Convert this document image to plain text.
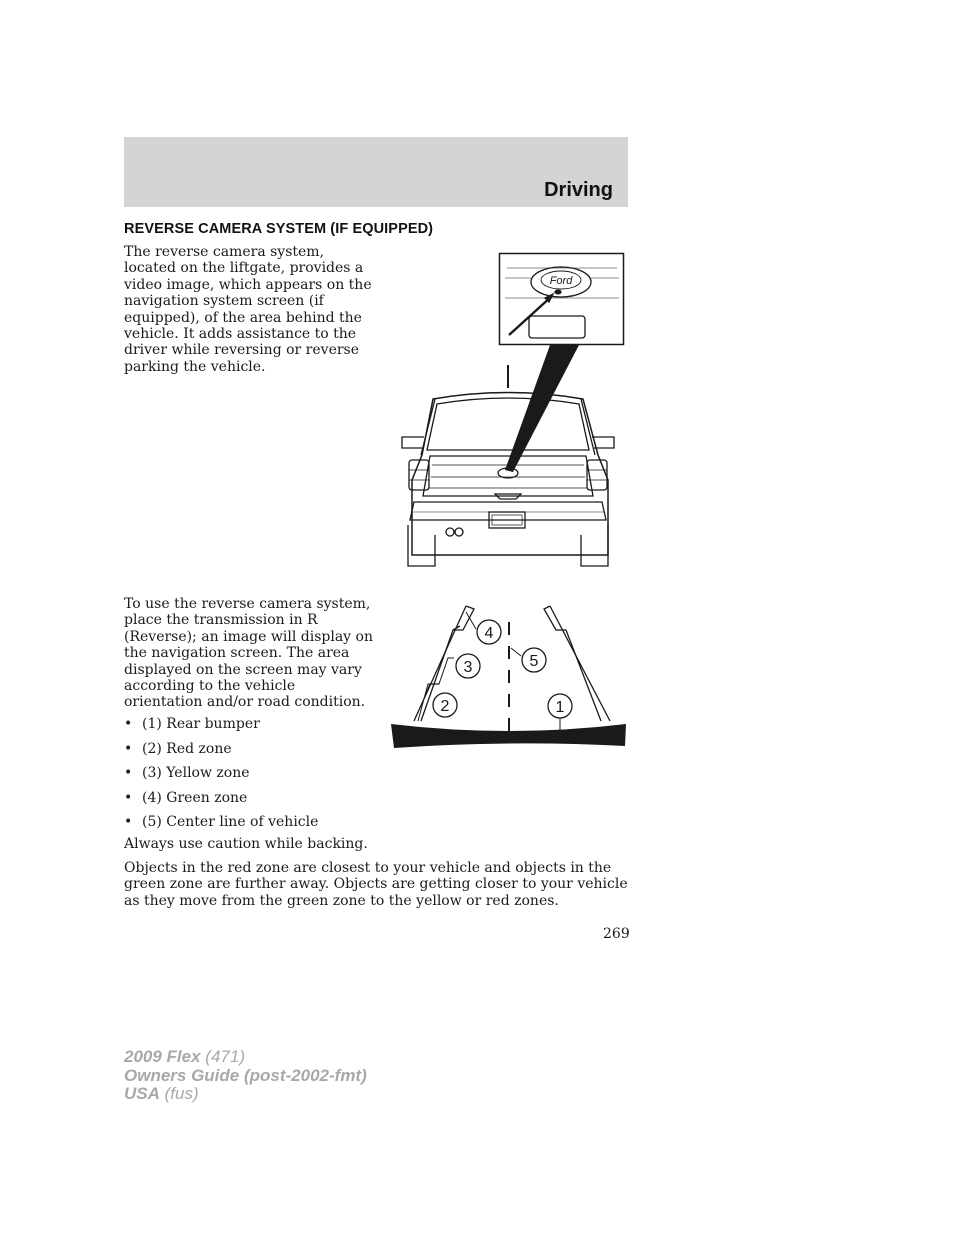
Driving
REVERSE CAMERA SYSTEM (IF EQUIPPED)
The reverse camera system, located on the liftgate, provides a video image, which appears on the navigation system screen (if equipped), of the area behind the vehicle. It adds assistance to the driver while reversing or reverse parking the vehicle.
Ford
To use the reverse camera system, place the transmission in R (Reverse); an image will display on the navigation screen. The area displayed on the screen may vary according to the vehicle orientation and/or road condition.
4
3	5
2	1
• (1) Rear bumper
• (2) Red zone
• (3) Yellow zone
• (4) Green zone
• (5) Center line of vehicle
Always use caution while backing.
Objects in the red zone are closest to your vehicle and objects in the green zone are further away. Objects are getting closer to your vehicle as they move from the green zone to the yellow or red zones.
269
2009 Flex (471)
Owners Guide (post-2002-fmt)
USA (fus)
